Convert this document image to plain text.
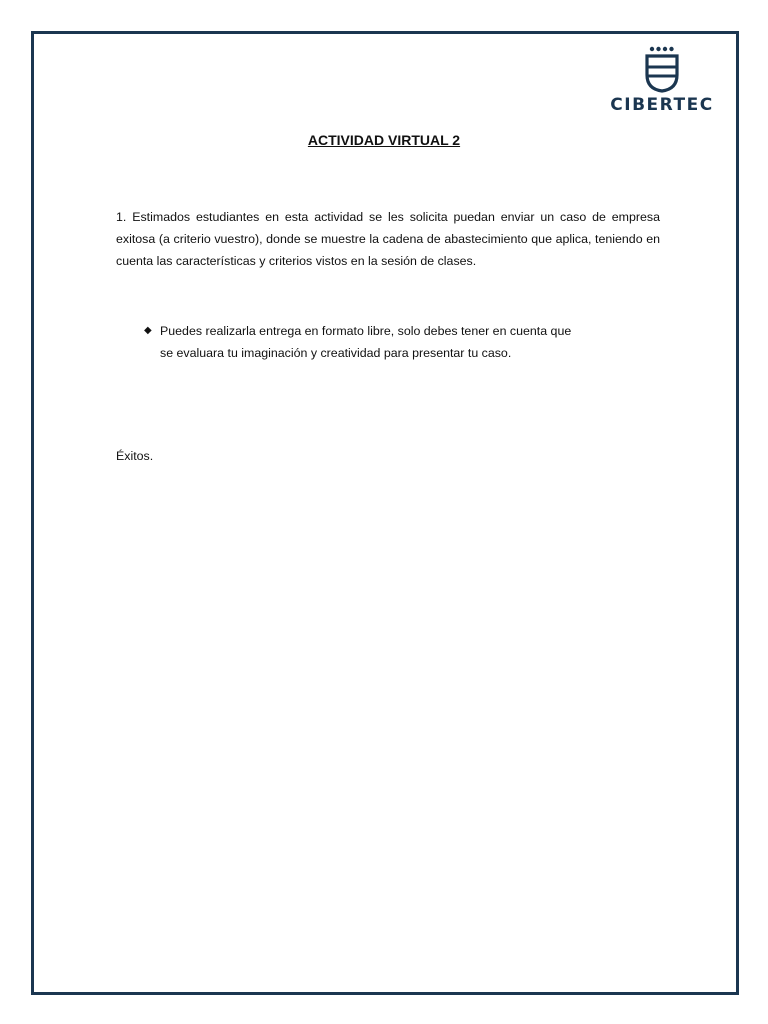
CIBERTEC
ACTIVIDAD VIRTUAL 2

1. Estimados estudiantes en esta actividad se les solicita puedan enviar un caso de empresa exitosa (a criterio vuestro), donde se muestre la cadena de abastecimiento que aplica, teniendo en cuenta las características y criterios vistos en la sesión de clases.

◆ Puedes realizarla entrega en formato libre, solo debes tener en cuenta que
se evaluara tu imaginación y creatividad para presentar tu caso.
Éxitos.
